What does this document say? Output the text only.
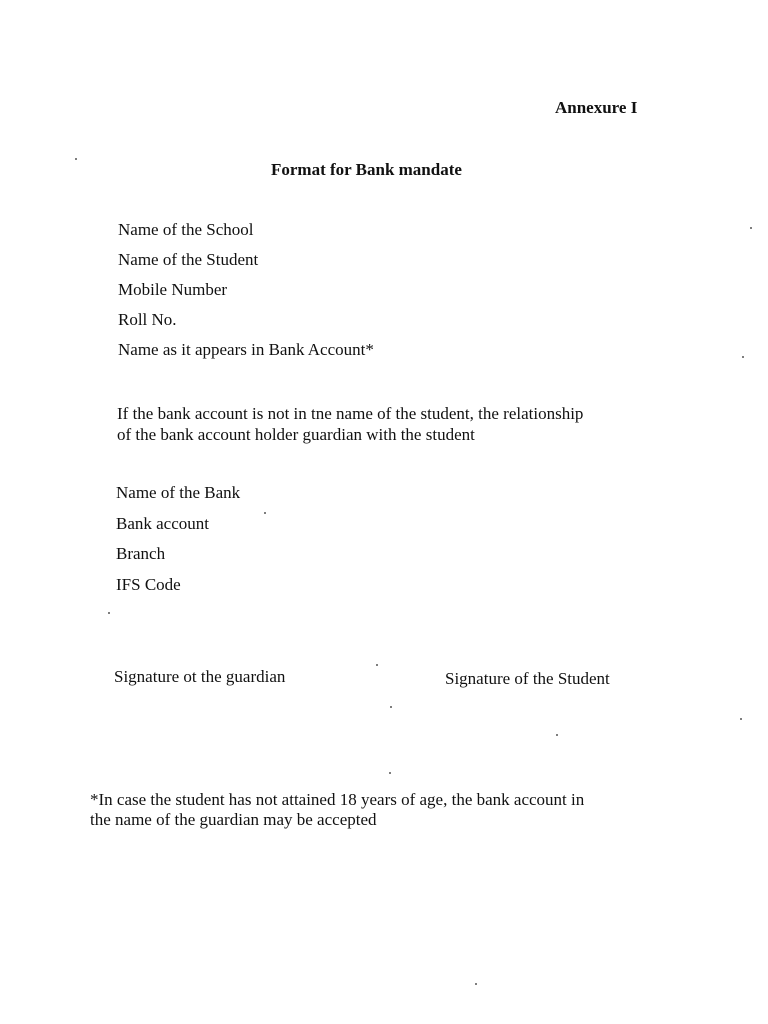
Annexure I
Format for Bank mandate
Name of the School
Name of the Student
Mobile Number
Roll No.
Name as it appears in Bank Account*
If the bank account is not in tne name of the student, the relationship
of the bank account holder guardian with the student
Name of the Bank
Bank account
Branch
IFS Code
Signature ot the guardian	Signature of the Student
*In case the student has not attained 18 years of age, the bank account in
the name of the guardian may be accepted
